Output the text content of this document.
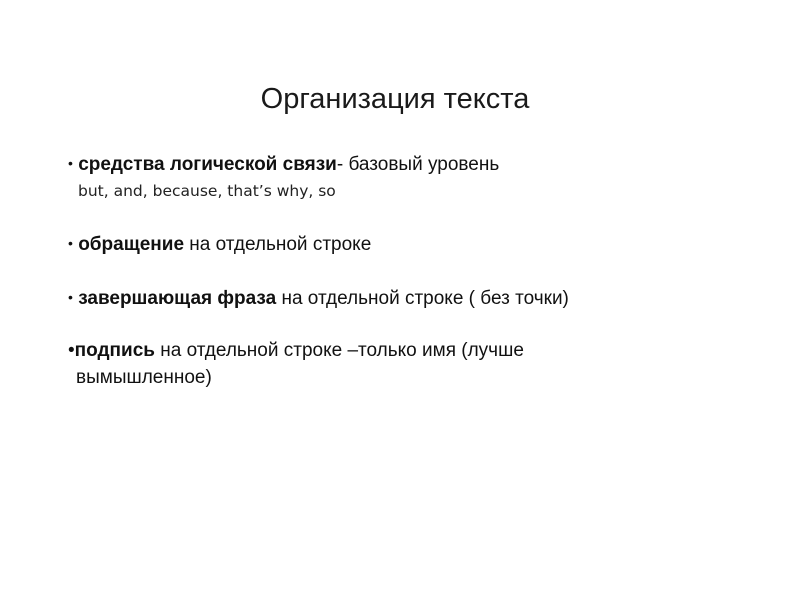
Организация текста
• средства логической связи- базовый уровень
but, and, because, that’s why, so
• обращение на отдельной строке
• завершающая фраза на отдельной строке ( без точки)
•подпись на отдельной строке –только имя (лучше
вымышленное)
